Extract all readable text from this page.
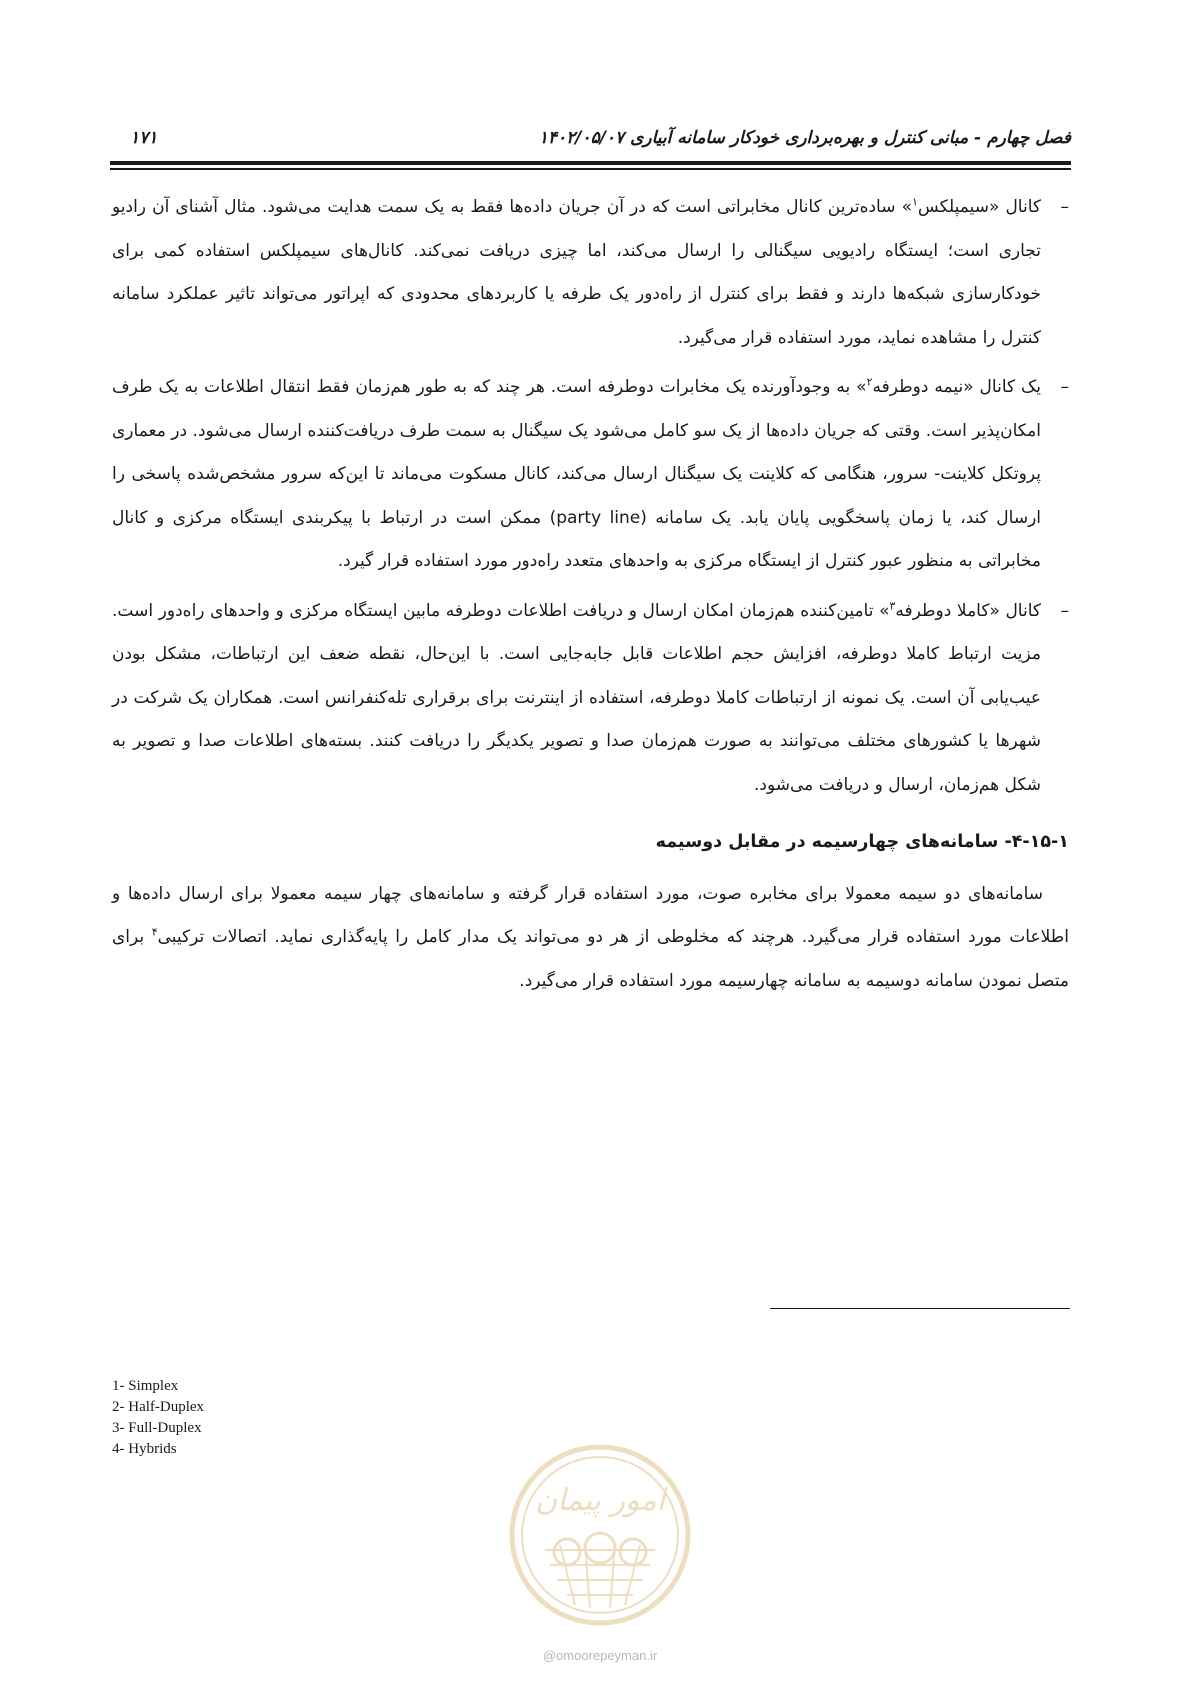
فصل چهارم - مبانی کنترل و بهره‌برداری خودکار سامانه آبیاری ۱۴۰۲/۰۵/۰۷
۱۷۱

–
کانال «سیمپلکس$^۱$» ساده‌ترین کانال مخابراتی است که در آن جریان داده‌ها فقط به یک سمت هدایت می‌شود. مثال آشنای آن رادیو تجاری است؛ ایستگاه رادیویی سیگنالی را ارسال می‌کند، اما چیزی دریافت نمی‌کند. کانال‌های سیمپلکس استفاده کمی برای خودکارسازی شبکه‌ها دارند و فقط برای کنترل از راه‌دور یک طرفه یا کاربردهای محدودی که اپراتور می‌تواند تاثیر عملکرد سامانه کنترل را مشاهده نماید، مورد استفاده قرار می‌گیرد.

–
یک کانال «نیمه دوطرفه$^۲$» به وجودآورنده یک مخابرات دوطرفه است. هر چند که به طور هم‌زمان فقط انتقال اطلاعات به یک طرف امکان‌پذیر است. وقتی که جریان داده‌ها از یک سو کامل می‌شود یک سیگنال به سمت طرف دریافت‌کننده ارسال می‌شود. در معماری پروتکل کلاینت- سرور، هنگامی که کلاینت یک سیگنال ارسال می‌کند، کانال مسکوت می‌ماند تا این‌که سرور مشخص‌شده پاسخی را ارسال کند، یا زمان پاسخگویی پایان یابد. یک سامانه (party line) ممکن است در ارتباط با پیکربندی ایستگاه مرکزی و کانال مخابراتی به منظور عبور کنترل از ایستگاه مرکزی به واحدهای متعدد راه‌دور مورد استفاده قرار گیرد.

–
کانال «کاملا دوطرفه$^۳$» تامین‌کننده هم‌زمان امکان ارسال و دریافت اطلاعات دوطرفه مابین ایستگاه مرکزی و واحدهای راه‌دور است. مزیت ارتباط کاملا دوطرفه، افزایش حجم اطلاعات قابل جابه‌جایی است. با این‌حال، نقطه ضعف این ارتباطات، مشکل بودن عیب‌یابی آن است. یک نمونه از ارتباطات کاملا دوطرفه، استفاده از اینترنت برای برقراری تله‌کنفرانس است. همکاران یک شرکت در شهرها یا کشورهای مختلف می‌توانند به صورت هم‌زمان صدا و تصویر یکدیگر را دریافت کنند. بسته‌های اطلاعات صدا و تصویر به شکل هم‌زمان، ارسال و دریافت می‌شود.

۴-۱۵-۱- سامانه‌های چهارسیمه در مقابل دوسیمه

سامانه‌های دو سیمه معمولا برای مخابره صوت، مورد استفاده قرار گرفته و سامانه‌های چهار سیمه معمولا برای ارسال داده‌ها و اطلاعات مورد استفاده قرار می‌گیرد. هرچند که مخلوطی از هر دو می‌تواند یک مدار کامل را پایه‌گذاری نماید. اتصالات ترکیبی$^۴$ برای متصل نمودن سامانه دوسیمه به سامانه چهارسیمه مورد استفاده قرار می‌گیرد.

1- Simplex
2- Half-Duplex
3- Full-Duplex
4- Hybrids
امور پیمان
@omoorepeyman.ir
